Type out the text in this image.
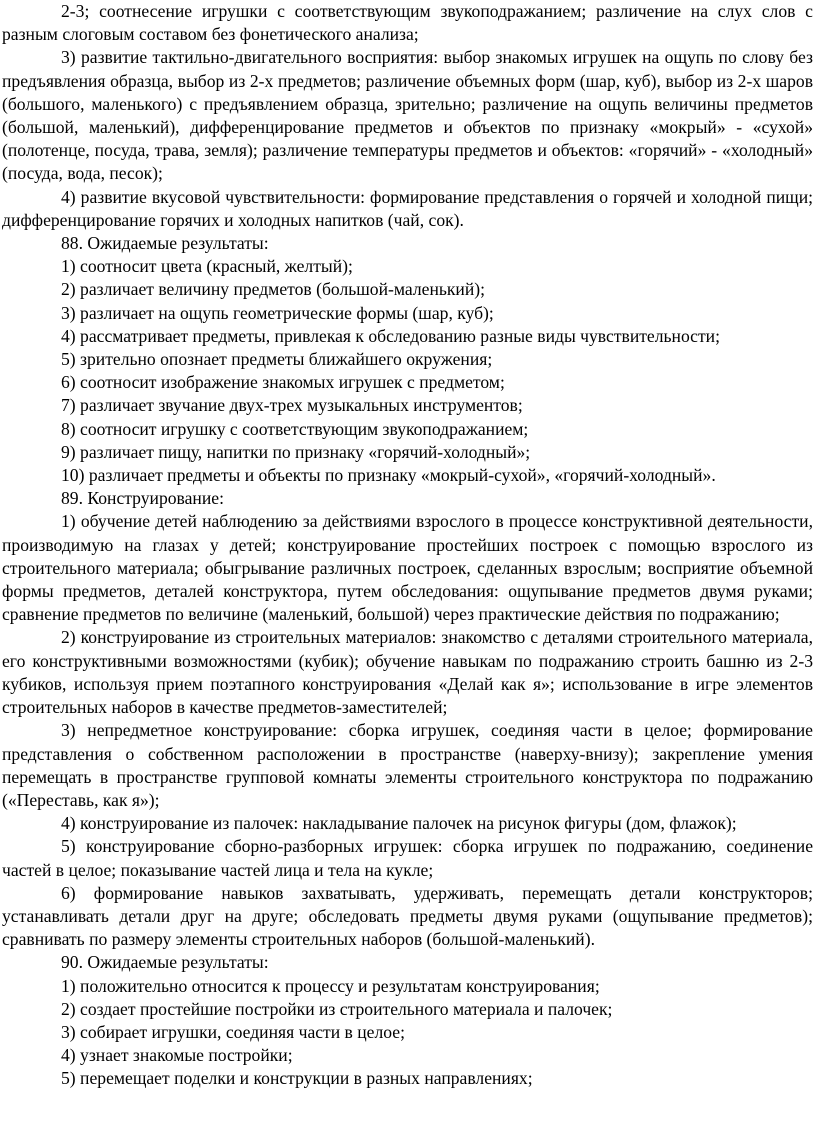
2-3; соотнесение игрушки с соответствующим звукоподражанием; различение на слух слов с разным слоговым составом без фонетического анализа;

3) развитие тактильно-двигательного восприятия: выбор знакомых игрушек на ощупь по слову без предъявления образца, выбор из 2-х предметов; различение объемных форм (шар, куб), выбор из 2-х шаров (большого, маленького) с предъявлением образца, зрительно; различение на ощупь величины предметов (большой, маленький), дифференцирование предметов и объектов по признаку «мокрый» - «сухой» (полотенце, посуда, трава, земля); различение температуры предметов и объектов: «горячий» - «холодный» (посуда, вода, песок);

4) развитие вкусовой чувствительности: формирование представления о горячей и холодной пищи; дифференцирование горячих и холодных напитков (чай, сок).

88. Ожидаемые результаты:

1) соотносит цвета (красный, желтый);

2) различает величину предметов (большой-маленький);

3) различает на ощупь геометрические формы (шар, куб);

4) рассматривает предметы, привлекая к обследованию разные виды чувствительности;

5) зрительно опознает предметы ближайшего окружения;

6) соотносит изображение знакомых игрушек с предметом;

7) различает звучание двух-трех музыкальных инструментов;

8) соотносит игрушку с соответствующим звукоподражанием;

9) различает пищу, напитки по признаку «горячий-холодный»;

10) различает предметы и объекты по признаку «мокрый-сухой», «горячий-холодный».

89. Конструирование:

1) обучение детей наблюдению за действиями взрослого в процессе конструктивной деятельности, производимую на глазах у детей; конструирование простейших построек с помощью взрослого из строительного материала; обыгрывание различных построек, сделанных взрослым; восприятие объемной формы предметов, деталей конструктора, путем обследования: ощупывание предметов двумя руками; сравнение предметов по величине (маленький, большой) через практические действия по подражанию;

2) конструирование из строительных материалов: знакомство с деталями строительного материала, его конструктивными возможностями (кубик); обучение навыкам по подражанию строить башню из 2-3 кубиков, используя прием поэтапного конструирования «Делай как я»; использование в игре элементов строительных наборов в качестве предметов-заместителей;

3) непредметное конструирование: сборка игрушек, соединяя части в целое; формирование представления о собственном расположении в пространстве (наверху-внизу); закрепление умения перемещать в пространстве групповой комнаты элементы строительного конструктора по подражанию («Переставь, как я»);

4) конструирование из палочек: накладывание палочек на рисунок фигуры (дом, флажок);

5) конструирование сборно-разборных игрушек: сборка игрушек по подражанию, соединение частей в целое; показывание частей лица и тела на кукле;

6) формирование навыков захватывать, удерживать, перемещать детали конструкторов; устанавливать детали друг на друге; обследовать предметы двумя руками (ощупывание предметов); сравнивать по размеру элементы строительных наборов (большой-маленький).

90. Ожидаемые результаты:

1) положительно относится к процессу и результатам конструирования;

2) создает простейшие постройки из строительного материала и палочек;

3) собирает игрушки, соединяя части в целое;

4) узнает знакомые постройки;

5) перемещает поделки и конструкции в разных направлениях;
